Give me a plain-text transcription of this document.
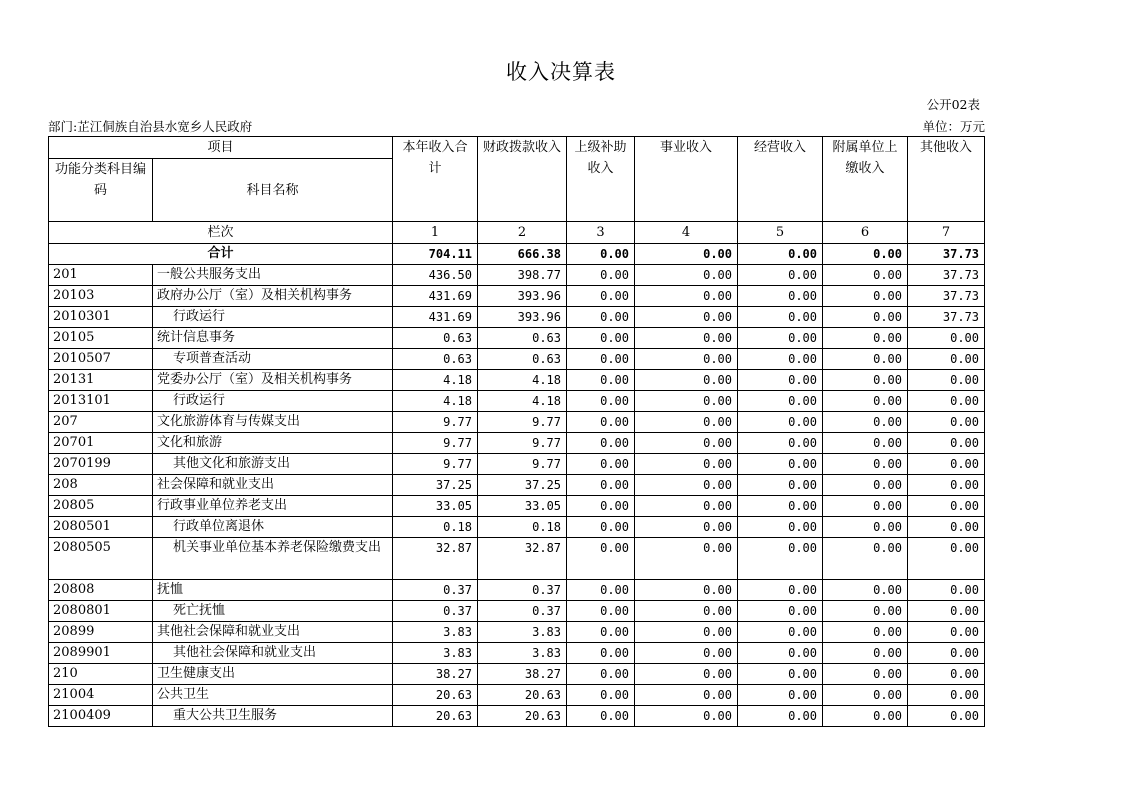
收入决算表
公开02表
部门:芷江侗族自治县水宽乡人民政府	单位：万元
项目		本年收入合计	财政拨款收入	上级补助收入	事业收入	经营收入	附属单位上缴收入	其他收入
功能分类科目编码	科目名称							
栏次		1	2	3	4	5	6	7
合计		704.11	666.38	0.00	0.00	0.00	0.00	37.73
201	一般公共服务支出	436.50	398.77	0.00	0.00	0.00	0.00	37.73
20103	政府办公厅（室）及相关机构事务	431.69	393.96	0.00	0.00	0.00	0.00	37.73
2010301	行政运行	431.69	393.96	0.00	0.00	0.00	0.00	37.73
20105	统计信息事务	0.63	0.63	0.00	0.00	0.00	0.00	0.00
2010507	专项普查活动	0.63	0.63	0.00	0.00	0.00	0.00	0.00
20131	党委办公厅（室）及相关机构事务	4.18	4.18	0.00	0.00	0.00	0.00	0.00
2013101	行政运行	4.18	4.18	0.00	0.00	0.00	0.00	0.00
207	文化旅游体育与传媒支出	9.77	9.77	0.00	0.00	0.00	0.00	0.00
20701	文化和旅游	9.77	9.77	0.00	0.00	0.00	0.00	0.00
2070199	其他文化和旅游支出	9.77	9.77	0.00	0.00	0.00	0.00	0.00
208	社会保障和就业支出	37.25	37.25	0.00	0.00	0.00	0.00	0.00
20805	行政事业单位养老支出	33.05	33.05	0.00	0.00	0.00	0.00	0.00
2080501	行政单位离退休	0.18	0.18	0.00	0.00	0.00	0.00	0.00
2080505	机关事业单位基本养老保险缴费支出	32.87	32.87	0.00	0.00	0.00	0.00	0.00
20808	抚恤	0.37	0.37	0.00	0.00	0.00	0.00	0.00
2080801	死亡抚恤	0.37	0.37	0.00	0.00	0.00	0.00	0.00
20899	其他社会保障和就业支出	3.83	3.83	0.00	0.00	0.00	0.00	0.00
2089901	其他社会保障和就业支出	3.83	3.83	0.00	0.00	0.00	0.00	0.00
210	卫生健康支出	38.27	38.27	0.00	0.00	0.00	0.00	0.00
21004	公共卫生	20.63	20.63	0.00	0.00	0.00	0.00	0.00
2100409	重大公共卫生服务	20.63	20.63	0.00	0.00	0.00	0.00	0.00
